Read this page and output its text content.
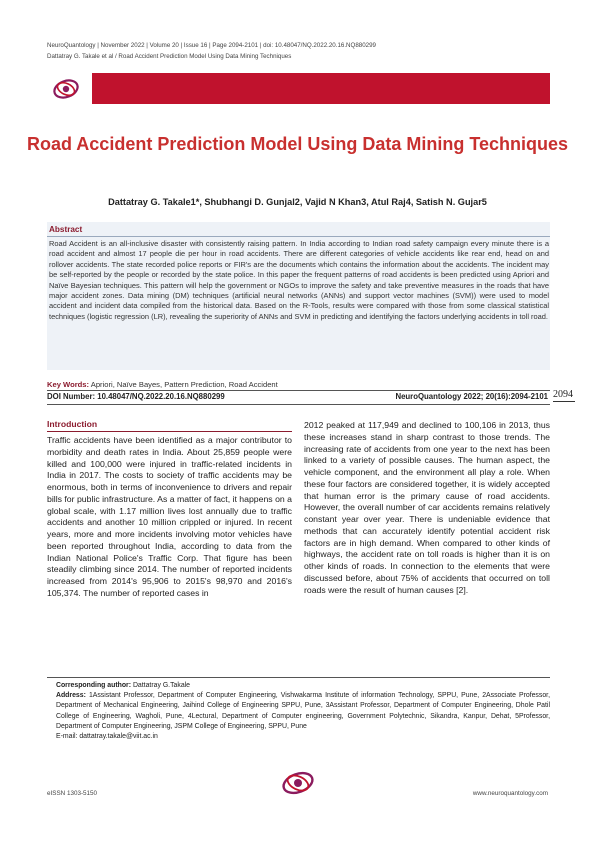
NeuroQuantology | November 2022 | Volume 20 | Issue 16 | Page 2094-2101 | doi: 10.48047/NQ.2022.20.16.NQ880299
Dattatray G. Takale et al / Road Accident Prediction Model Using Data Mining Techniques
Road Accident Prediction Model Using Data Mining Techniques
Dattatray G. Takale1*, Shubhangi D. Gunjal2, Vajid N Khan3, Atul Raj4, Satish N. Gujar5
Abstract
Road Accident is an all-inclusive disaster with consistently raising pattern. In India according to Indian road safety campaign every minute there is a road accident and almost 17 people die per hour in road accidents. There are different categories of vehicle accidents like rear end, head on and rollover accidents. The state recorded police reports or FIR's are the documents which contains the information about the accidents. The incident may be self-reported by the people or recorded by the state police. In this paper the frequent patterns of road accidents is been predicted using Apriori and Naïve Bayesian techniques. This pattern will help the government or NGOs to improve the safety and take preventive measures in the roads that have major accident zones. Data mining (DM) techniques (artificial neural networks (ANNs) and support vector machines (SVM)) were used to model accident and incident data compiled from the historical data. Based on the R-Tools, results were compared with those from some classical statistical techniques (logistic regression (LR), revealing the superiority of ANNs and SVM in predicting and identifying the factors underlying accidents in toll road.
Key Words: Apriori, Naïve Bayes, Pattern Prediction, Road Accident
DOI Number: 10.48047/NQ.2022.20.16.NQ880299	NeuroQuantology 2022; 20(16):2094-2101 2094
Introduction
Traffic accidents have been identified as a major contributor to morbidity and death rates in India. About 25,859 people were killed and 100,000 were injured in traffic-related incidents in India in 2017. The costs to society of traffic accidents may be enormous, both in terms of inconvenience to drivers and repair bills for public infrastructure. As a matter of fact, it happens on a global scale, with 1.17 million lives lost annually due to traffic accidents and another 10 million crippled or injured. In recent years, more and more incidents involving motor vehicles have been reported throughout India, according to data from the Indian National Police's Traffic Corp. That figure has been steadily climbing since 2014. The number of reported incidents increased from 2014's 95,906 to 2015's 98,970 and 2016's 105,374. The number of reported cases in
2012 peaked at 117,949 and declined to 100,106 in 2013, thus these increases stand in sharp contrast to those trends. The increasing rate of accidents from one year to the next has been linked to a variety of possible causes. The human aspect, the vehicle component, and the environment all play a role. When these four factors are considered together, it is widely accepted that human error is the primary cause of road accidents. However, the overall number of car accidents remains relatively constant year over year. There is undeniable evidence that methods that can accurately identify potential accident risk factors are in high demand. When compared to other kinds of highways, the accident rate on toll roads is higher than it is on other kinds of roads. In connection to the elements that were discussed before, about 75% of accidents that occurred on toll roads were the result of human causes [2].
Corresponding author: Dattatray G.Takale
Address: 1Assistant Professor, Department of Computer Engineering, Vishwakarma Institute of information Technology, SPPU, Pune, 2Associate Professor, Department of Mechanical Engineering, Jaihind College of Engineering SPPU, Pune, 3Assistant Professor, Department of Computer Engineering, Dhole Patil College of Engineering, Wagholi, Pune, 4Lectural, Department of Computer engineering, Government Polytechnic, Sikandra, Kanpur, Dehat, 5Professor, Department of Computer Engineering, JSPM College of Engineering, SPPU, Pune
E-mail: dattatray.takale@viit.ac.in
eISSN 1303-5150	www.neuroquantology.com
